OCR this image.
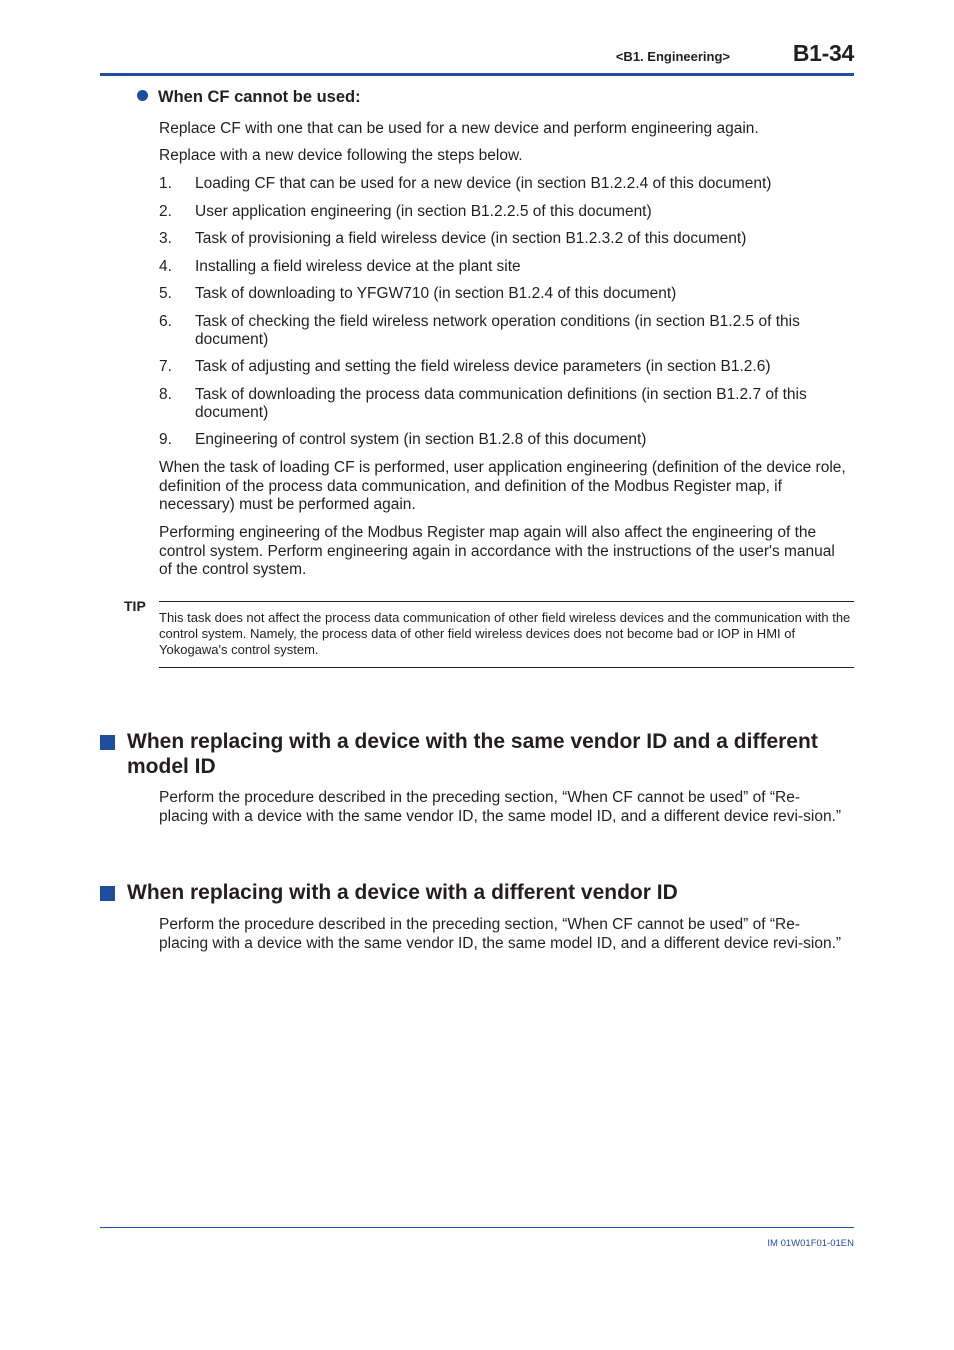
<B1. Engineering>	B1-34
When CF cannot be used:
Replace CF with one that can be used for a new device and perform engineering again.
Replace with a new device following the steps below.
1. Loading CF that can be used for a new device (in section B1.2.2.4 of this document)
2. User application engineering (in section B1.2.2.5 of this document)
3. Task of provisioning a field wireless device (in section B1.2.3.2 of this document)
4. Installing a field wireless device at the plant site
5. Task of downloading to YFGW710 (in section B1.2.4 of this document)
6. Task of checking the field wireless network operation conditions (in section B1.2.5 of this document)
7. Task of adjusting and setting the field wireless device parameters (in section B1.2.6)
8. Task of downloading the process data communication definitions (in section B1.2.7 of this document)
9. Engineering of control system (in section B1.2.8 of this document)
When the task of loading CF is performed, user application engineering (definition of the device role, definition of the process data communication, and definition of the Modbus Register map, if necessary) must be performed again.
Performing engineering of the Modbus Register map again will also affect the engineering of the control system. Perform engineering again in accordance with the instructions of the user's manual of the control system.
TIP
This task does not affect the process data communication of other field wireless devices and the communication with the control system. Namely, the process data of other field wireless devices does not become bad or IOP in HMI of Yokogawa's control system.
When replacing with a device with the same vendor ID and a different model ID
Perform the procedure described in the preceding section, “When CF cannot be used” of “Re-placing with a device with the same vendor ID, the same model ID, and a different device revi-sion.”
When replacing with a device with a different vendor ID
Perform the procedure described in the preceding section, “When CF cannot be used” of “Re-placing with a device with the same vendor ID, the same model ID, and a different device revi-sion.”
IM 01W01F01-01EN
